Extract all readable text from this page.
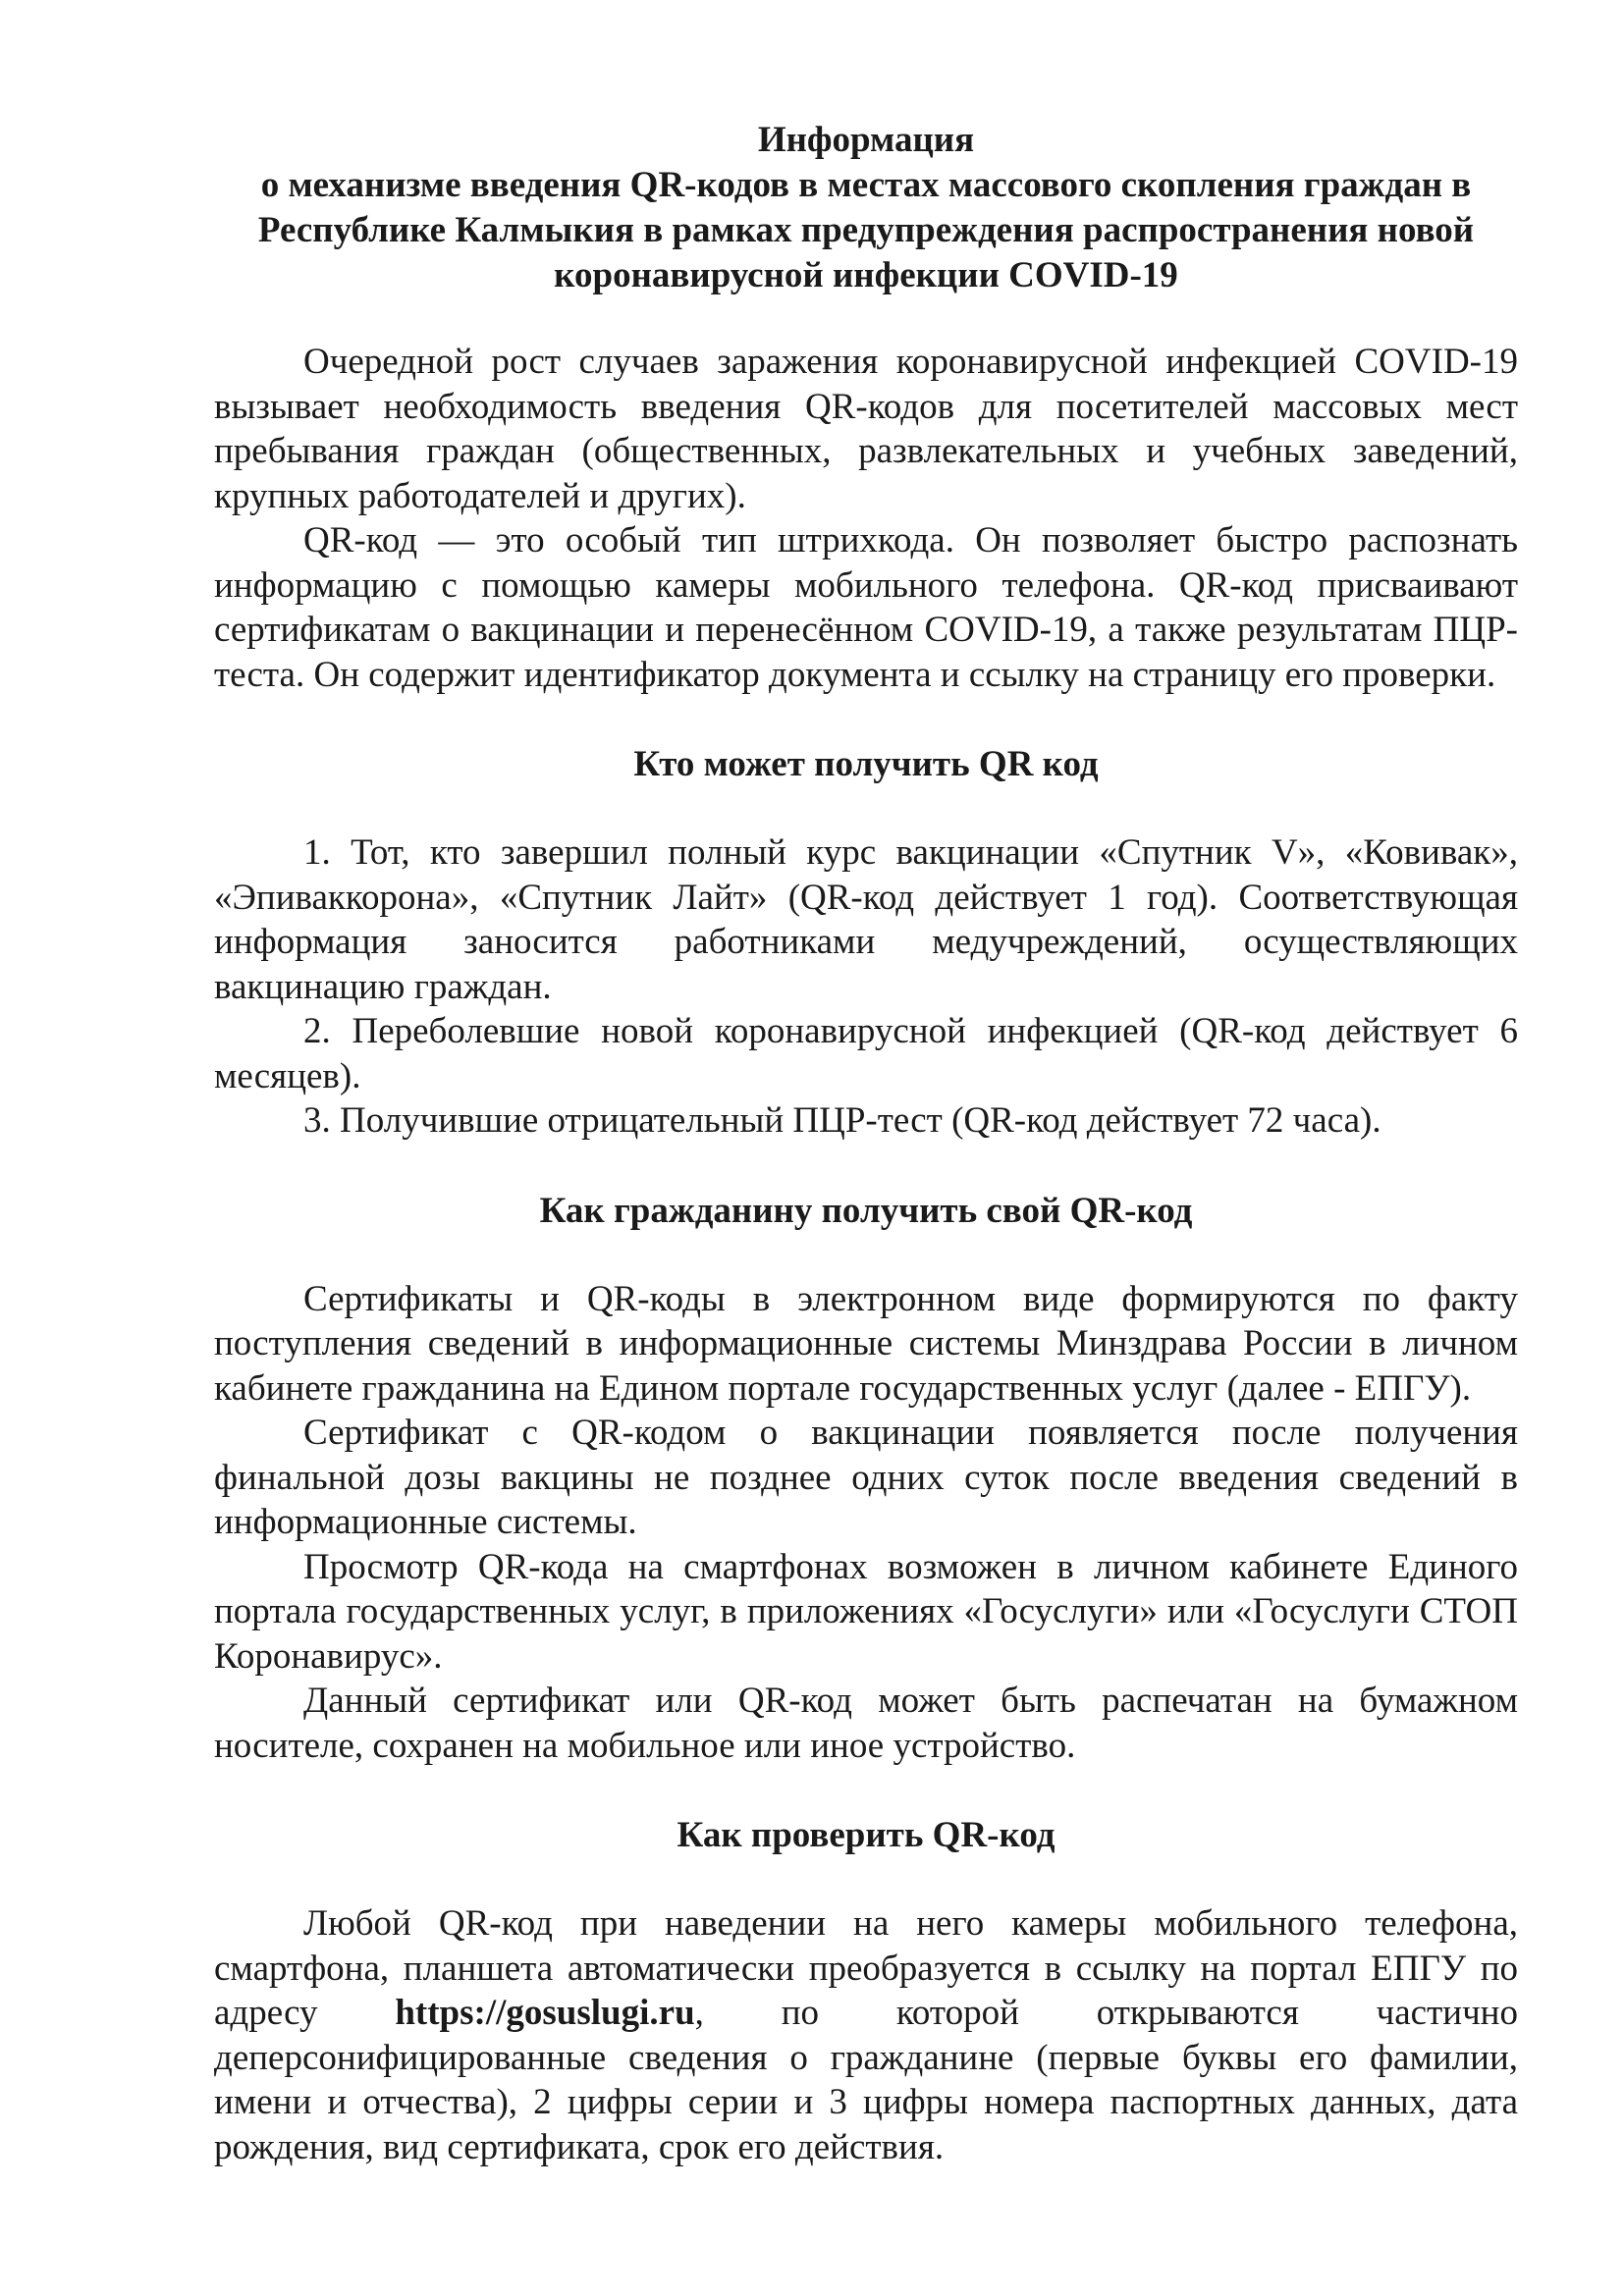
Информация
о механизме введения QR-кодов в местах массового скопления граждан в Республике Калмыкия в рамках предупреждения распространения новой коронавирусной инфекции COVID-19

Очередной рост случаев заражения коронавирусной инфекцией COVID-19 вызывает необходимость введения QR-кодов для посетителей массовых мест пребывания граждан (общественных, развлекательных и учебных заведений, крупных работодателей и других).

QR-код — это особый тип штрихкода. Он позволяет быстро распознать информацию с помощью камеры мобильного телефона. QR-код присваивают сертификатам о вакцинации и перенесённом COVID-19, а также результатам ПЦР-теста. Он содержит идентификатор документа и ссылку на страницу его проверки.

Кто может получить QR код

1. Тот, кто завершил полный курс вакцинации «Спутник V», «Ковивак», «Эпиваккорона», «Спутник Лайт» (QR-код действует 1 год). Соответствующая информация заносится работниками медучреждений, осуществляющих вакцинацию граждан.

2. Переболевшие новой коронавирусной инфекцией (QR-код действует 6 месяцев).

3. Получившие отрицательный ПЦР-тест (QR-код действует 72 часа).

Как гражданину получить свой QR-код

Сертификаты и QR-коды в электронном виде формируются по факту поступления сведений в информационные системы Минздрава России в личном кабинете гражданина на Едином портале государственных услуг (далее - ЕПГУ).

Сертификат с QR-кодом о вакцинации появляется после получения финальной дозы вакцины не позднее одних суток после введения сведений в информационные системы.

Просмотр QR-кода на смартфонах возможен в личном кабинете Единого портала государственных услуг, в приложениях «Госуслуги» или «Госуслуги СТОП Коронавирус».

Данный сертификат или QR-код может быть распечатан на бумажном носителе, сохранен на мобильное или иное устройство.

Как проверить QR-код

Любой QR-код при наведении на него камеры мобильного телефона, смартфона, планшета автоматически преобразуется в ссылку на портал ЕПГУ по адресу https://gosuslugi.ru, по которой открываются частично деперсонифицированные сведения о гражданине (первые буквы его фамилии, имени и отчества), 2 цифры серии и 3 цифры номера паспортных данных, дата рождения, вид сертификата, срок его действия.
